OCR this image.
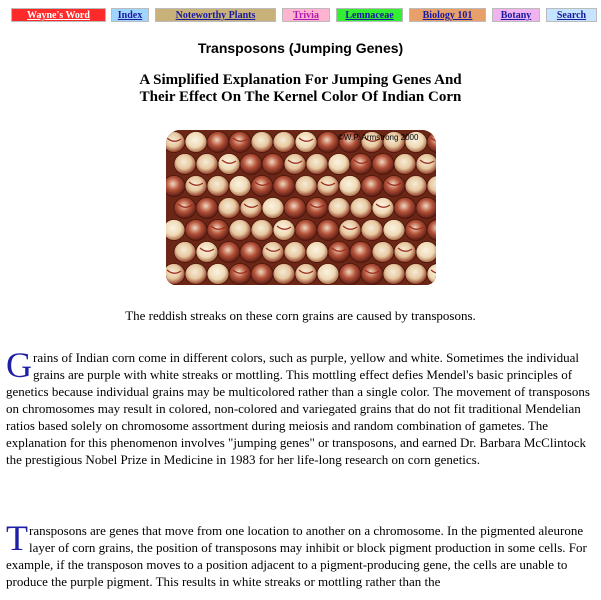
Wayne's Word	Index	Noteworthy Plants	Trivia	Lemnaceae	Biology 101	Botany	Search
Transposons (Jumping Genes)
A Simplified Explanation For Jumping Genes And
Their Effect On The Kernel Color Of Indian Corn
©W.P. Armstrong 2000

The reddish streaks on these corn grains are caused by transposons.

Grains of Indian corn come in different colors, such as purple, yellow and white. Sometimes the individual grains are purple with white streaks or mottling. This mottling effect defies Mendel's basic principles of genetics because individual grains may be multicolored rather than a single color. The movement of transposons on chromosomes may result in colored, non-colored and variegated grains that do not fit traditional Mendelian ratios based solely on chromosome assortment during meiosis and random combination of gametes. The explanation for this phenomenon involves "jumping genes" or transposons, and earned Dr. Barbara McClintock the prestigious Nobel Prize in Medicine in 1983 for her life-long research on corn genetics.

Transposons are genes that move from one location to another on a chromosome. In the pigmented aleurone layer of corn grains, the position of transposons may inhibit or block pigment production in some cells. For example, if the transposon moves to a position adjacent to a pigment-producing gene, the cells are unable to produce the purple pigment. This results in white streaks or mottling rather than the
